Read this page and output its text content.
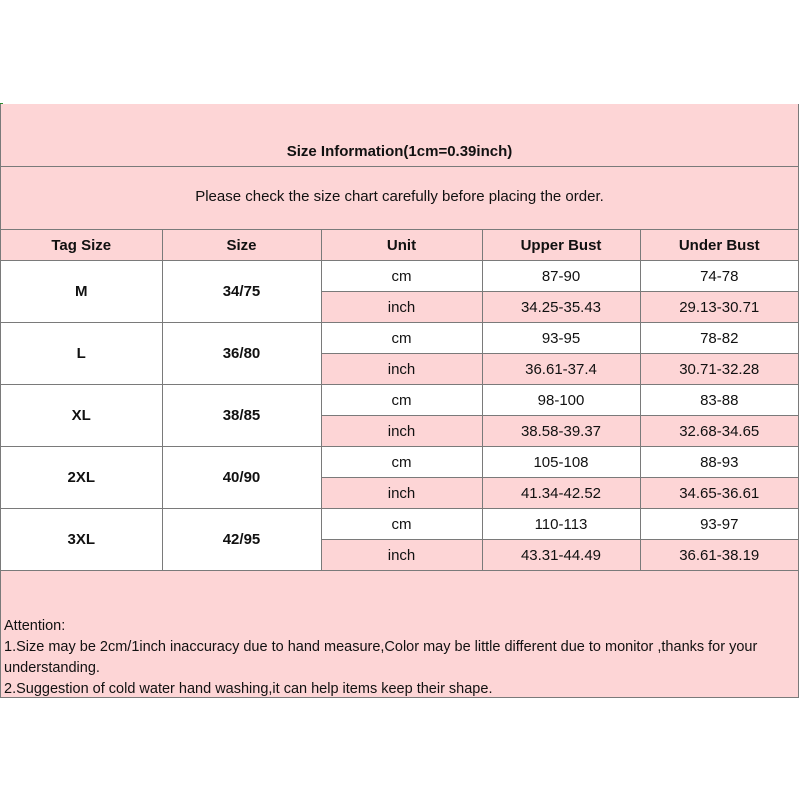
Size Information(1cm=0.39inch)
Please check the size chart carefully before placing the order.
Tag Size	Size	Unit	Upper Bust	Under Bust
M	34/75	cm	87-90	74-78
		inch	34.25-35.43	29.13-30.71
L	36/80	cm	93-95	78-82
		inch	36.61-37.4	30.71-32.28
XL	38/85	cm	98-100	83-88
		inch	38.58-39.37	32.68-34.65
2XL	40/90	cm	105-108	88-93
		inch	41.34-42.52	34.65-36.61
3XL	42/95	cm	110-113	93-97
		inch	43.31-44.49	36.61-38.19
Attention:
1.Size may be 2cm/1inch inaccuracy due to hand measure,Color may be little different due to monitor ,thanks for your understanding.
2.Suggestion of cold water hand washing,it can help items keep their shape.
